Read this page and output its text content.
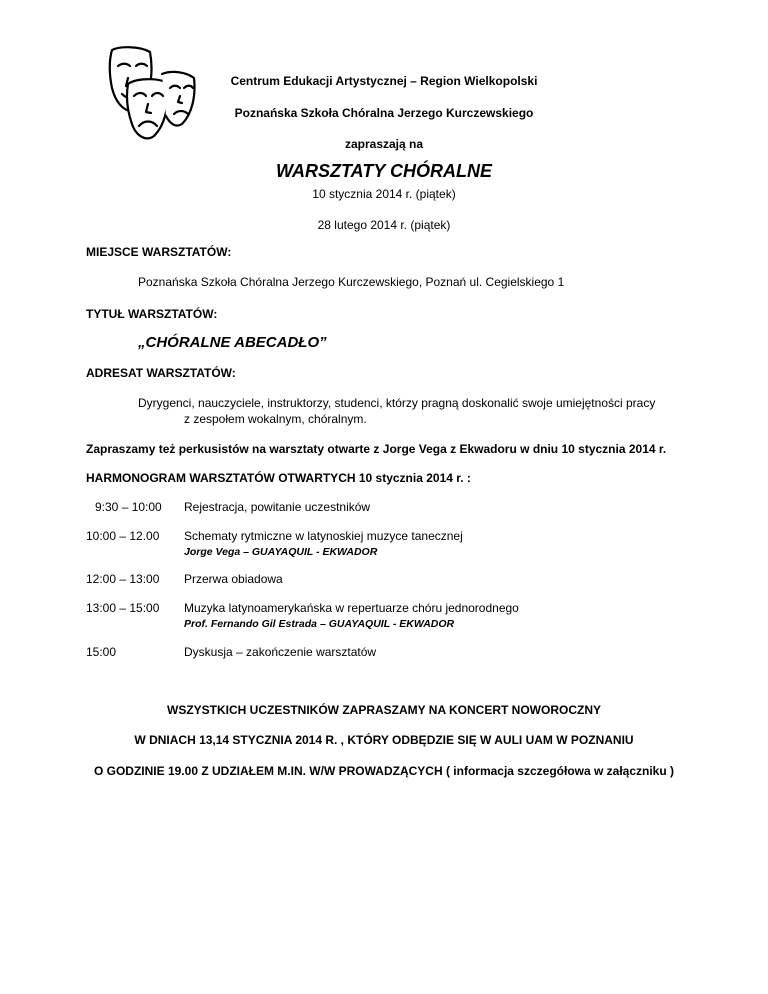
Centrum Edukacji Artystycznej – Region Wielkopolski
Poznańska Szkoła Chóralna Jerzego Kurczewskiego
zapraszają na
WARSZTATY CHÓRALNE
10 stycznia 2014 r. (piątek)
28 lutego 2014 r. (piątek)
MIEJSCE WARSZTATÓW:
Poznańska Szkoła Chóralna Jerzego Kurczewskiego, Poznań ul. Cegielskiego 1
TYTUŁ WARSZTATÓW:
„CHÓRALNE ABECADŁO”
ADRESAT WARSZTATÓW:
Dyrygenci, nauczyciele, instruktorzy, studenci, którzy pragną doskonalić swoje umiejętności pracy
z zespołem wokalnym, chóralnym.
Zapraszamy też perkusistów na warsztaty otwarte z Jorge Vega z Ekwadoru w dniu 10 stycznia 2014 r.
HARMONOGRAM WARSZTATÓW OTWARTYCH 10 stycznia 2014 r. :
9:30 – 10:00 Rejestracja, powitanie uczestników
10:00 – 12.00 Schematy rytmiczne w latynoskiej muzyce tanecznej
Jorge Vega – GUAYAQUIL - EKWADOR
12:00 – 13:00 Przerwa obiadowa
13:00 – 15:00 Muzyka latynoamerykańska w repertuarze chóru jednorodnego
Prof. Fernando Gil Estrada – GUAYAQUIL - EKWADOR
15:00	Dyskusja – zakończenie warsztatów
WSZYSTKICH UCZESTNIKÓW ZAPRASZAMY NA KONCERT NOWOROCZNY
W DNIACH 13,14 STYCZNIA 2014 R. , KTÓRY ODBĘDZIE SIĘ W AULI UAM W POZNANIU
O GODZINIE 19.00 Z UDZIAŁEM M.IN. W/W PROWADZĄCYCH ( informacja szczegółowa w załączniku )
